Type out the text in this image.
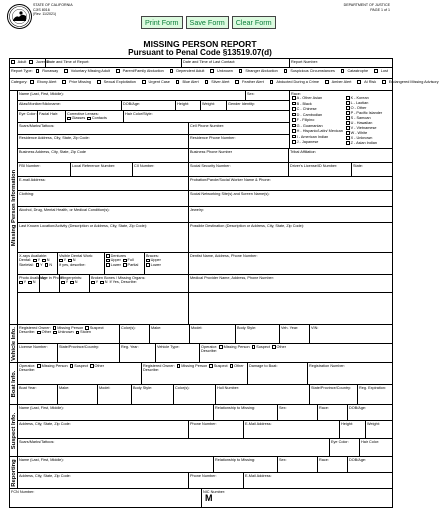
STATE OF CALIFORNIA
CJIS 8016
(Rev. 11/2021)
DEPARTMENT OF JUSTICE
PAGE 1 of 1
Print Form	Save Form	Clear Form
MISSING PERSON REPORT
Pursuant to Penal Code §13519.07(d)
Adult	Juvenile
Date and Time of Report:	Date and Time of Last Contact:	Report Number:
Report Type:	Runaway	Voluntary Missing Adult	Parent/Family Abduction	Dependent Adult	Unknown	Stranger Abduction	Suspicious Circumstances	Catastrophe	Lost
Category:	Ebony Alert	Prior Missing	Sexual Exploitation	Urgent Case	Blue Alert	Silver Alert	Feather Alert	Abducted During a Crime	Amber Alert	At Risk	Endangered Missing Advisory
Missing Person Information
Name (Last, First, Middle):	Sex:
Alias/Moniker/Nickname:	DOB/Age:	Height:	Weight:	Gender Identity:
Eye Color: Facial Hair:	Corrective Lenses:
Glasses Contacts
Hair Color/Style:
Scars/Marks/Tattoos:	Cell Phone Number:
Residence Address, City, State, Zip Code:	Residence Phone Number:
Business Address, City, State, Zip Code	Business Phone Number	Tribal Affiliation
FBI Number:	Local Reference Number:	CII Number:	Social Security Number:	Driver's License/ID Number:	State:
E-mail Address:	Probation/Parole/Social Worker Name & Phone:
Clothing:	Social Networking Site(s) and Screen Name(s):
Alcohol, Drug, Mental Health, or Medical Condition(s):	Jewelry:
Last Known Location/Activity (Description or Address, City, State, Zip Code):	Possible Destination (Description or Address, City, State, Zip Code):
X-rays Available:
Dental: Y N
Skeletal: Y N
Visible Dental Work:
Y N
If yes, describe:
Dentures
Upper Full
Lower Partial
Braces:
Upper
Lower
Dentist Name, Address, Phone Number:
Photo Available:
Y N
Age in Photo:
Fingerprints:
Y N
Broken Bones / Missing Organs:
Y N If Yes, Describe:
Medical Provider Name, Address, Phone Number:
Registered Owner: Missing Person Suspect
Describe: Other Unknown Stolen
Color(s):	Make:	Model:	Body Style:	Veh. Year:	VIN:
License Number:	State/Province/Country:	Reg. Year:	Vehicle Type:	Operator: Missing Person Suspect Other
Describe:
Operator: Missing Person Suspect Other
Describe:
Registered Owner: Missing Person Suspect Other
Describe:
Damage to Boat:	Registration Number:
Boat Year:	Make:	Model:	Body Style:	Color(s):	Hull Number:	State/Province/Country:	Reg. Expiration:
Name (Last, First, Middle):	Relationship to Missing:	Sex:	Race:	DOB/Age:
Address, City, State, Zip Code:	Phone Number:	E-Mail Address:	Height:	Weight:
Scars/Marks/Tattoos:	Eye Color:	Hair Color:
Name (Last, First, Middle):	Relationship to Missing:	Sex:	Race:	DOB/Age:
Address, City, State, Zip Code:	Phone Number:	E-Mail Address:
Vehicle Info.
Boat Info.
Suspect Info.
Reporting
FCN Number:	NIC Number:
M
Race:
A - Other Asian
B - Black
C - Chinese
D - Cambodian
F - Filipino
G - Guamanian
H - Hispanic/Latin/ Mexican
I - American Indian
J - Japanese
K - Korean
L - Laotian
O - Other
P - Pacific Islander
S - Samoan
U - Hawaiian
V - Vietnamese
W - White
X - Unknown
Z - Asian Indian
